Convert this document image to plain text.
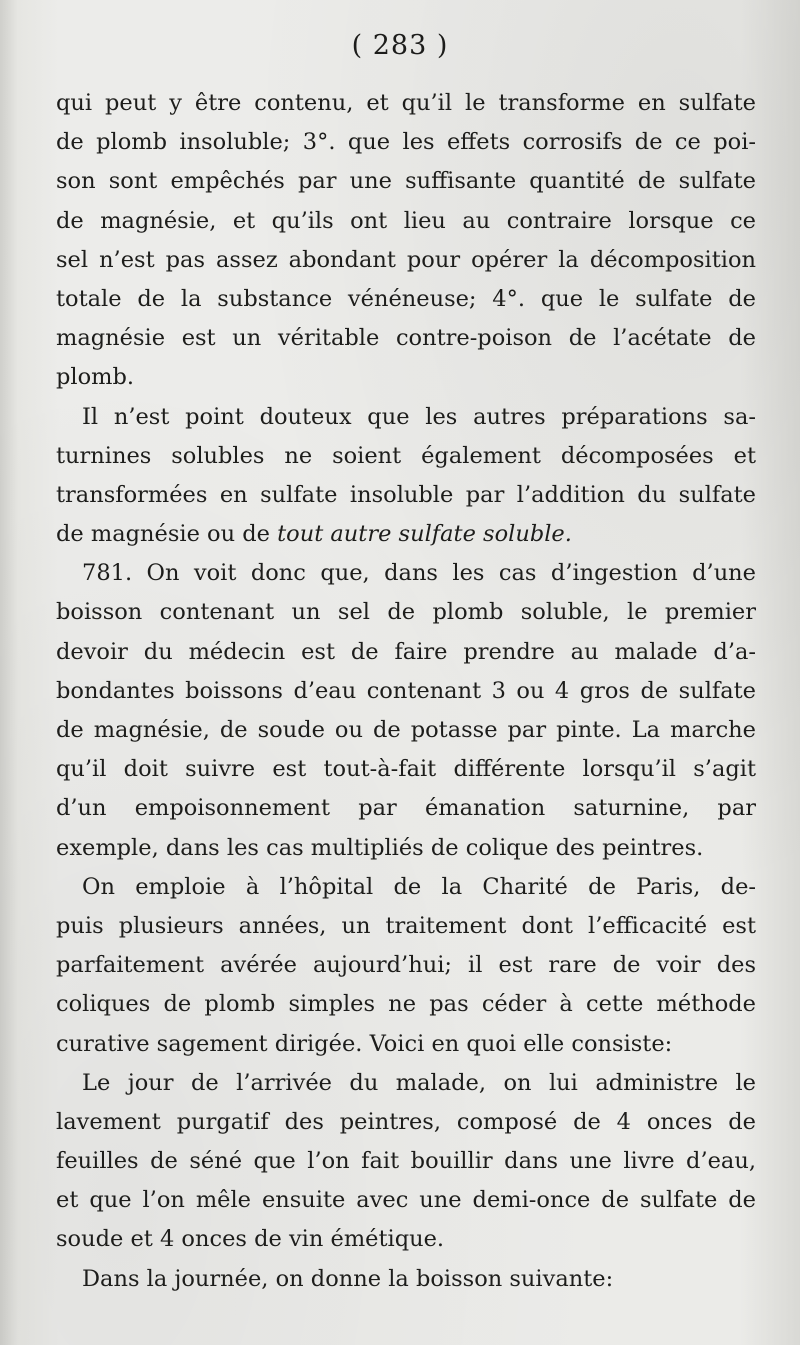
( 283 )
qui peut y être contenu, et qu’il le transforme en sulfate
de plomb insoluble; 3°. que les effets corrosifs de ce poi-
son sont empêchés par une suffisante quantité de sulfate
de magnésie, et qu’ils ont lieu au contraire lorsque ce
sel n’est pas assez abondant pour opérer la décomposition
totale de la substance vénéneuse; 4°. que le sulfate de
magnésie est un véritable contre-poison de l’acétate de
plomb.
Il n’est point douteux que les autres préparations sa-
turnines solubles ne soient également décomposées et
transformées en sulfate insoluble par l’addition du sulfate
de magnésie ou de tout autre sulfate soluble.
781. On voit donc que, dans les cas d’ingestion d’une
boisson contenant un sel de plomb soluble, le premier
devoir du médecin est de faire prendre au malade d’a-
bondantes boissons d’eau contenant 3 ou 4 gros de sulfate
de magnésie, de soude ou de potasse par pinte. La marche
qu’il doit suivre est tout-à-fait différente lorsqu’il s’agit
d’un empoisonnement par émanation saturnine, par
exemple, dans les cas multipliés de colique des peintres.
On emploie à l’hôpital de la Charité de Paris, de-
puis plusieurs années, un traitement dont l’efficacité est
parfaitement avérée aujourd’hui; il est rare de voir des
coliques de plomb simples ne pas céder à cette méthode
curative sagement dirigée. Voici en quoi elle consiste:
Le jour de l’arrivée du malade, on lui administre le
lavement purgatif des peintres, composé de 4 onces de
feuilles de séné que l’on fait bouillir dans une livre d’eau,
et que l’on mêle ensuite avec une demi-once de sulfate de
soude et 4 onces de vin émétique.
Dans la journée, on donne la boisson suivante:
